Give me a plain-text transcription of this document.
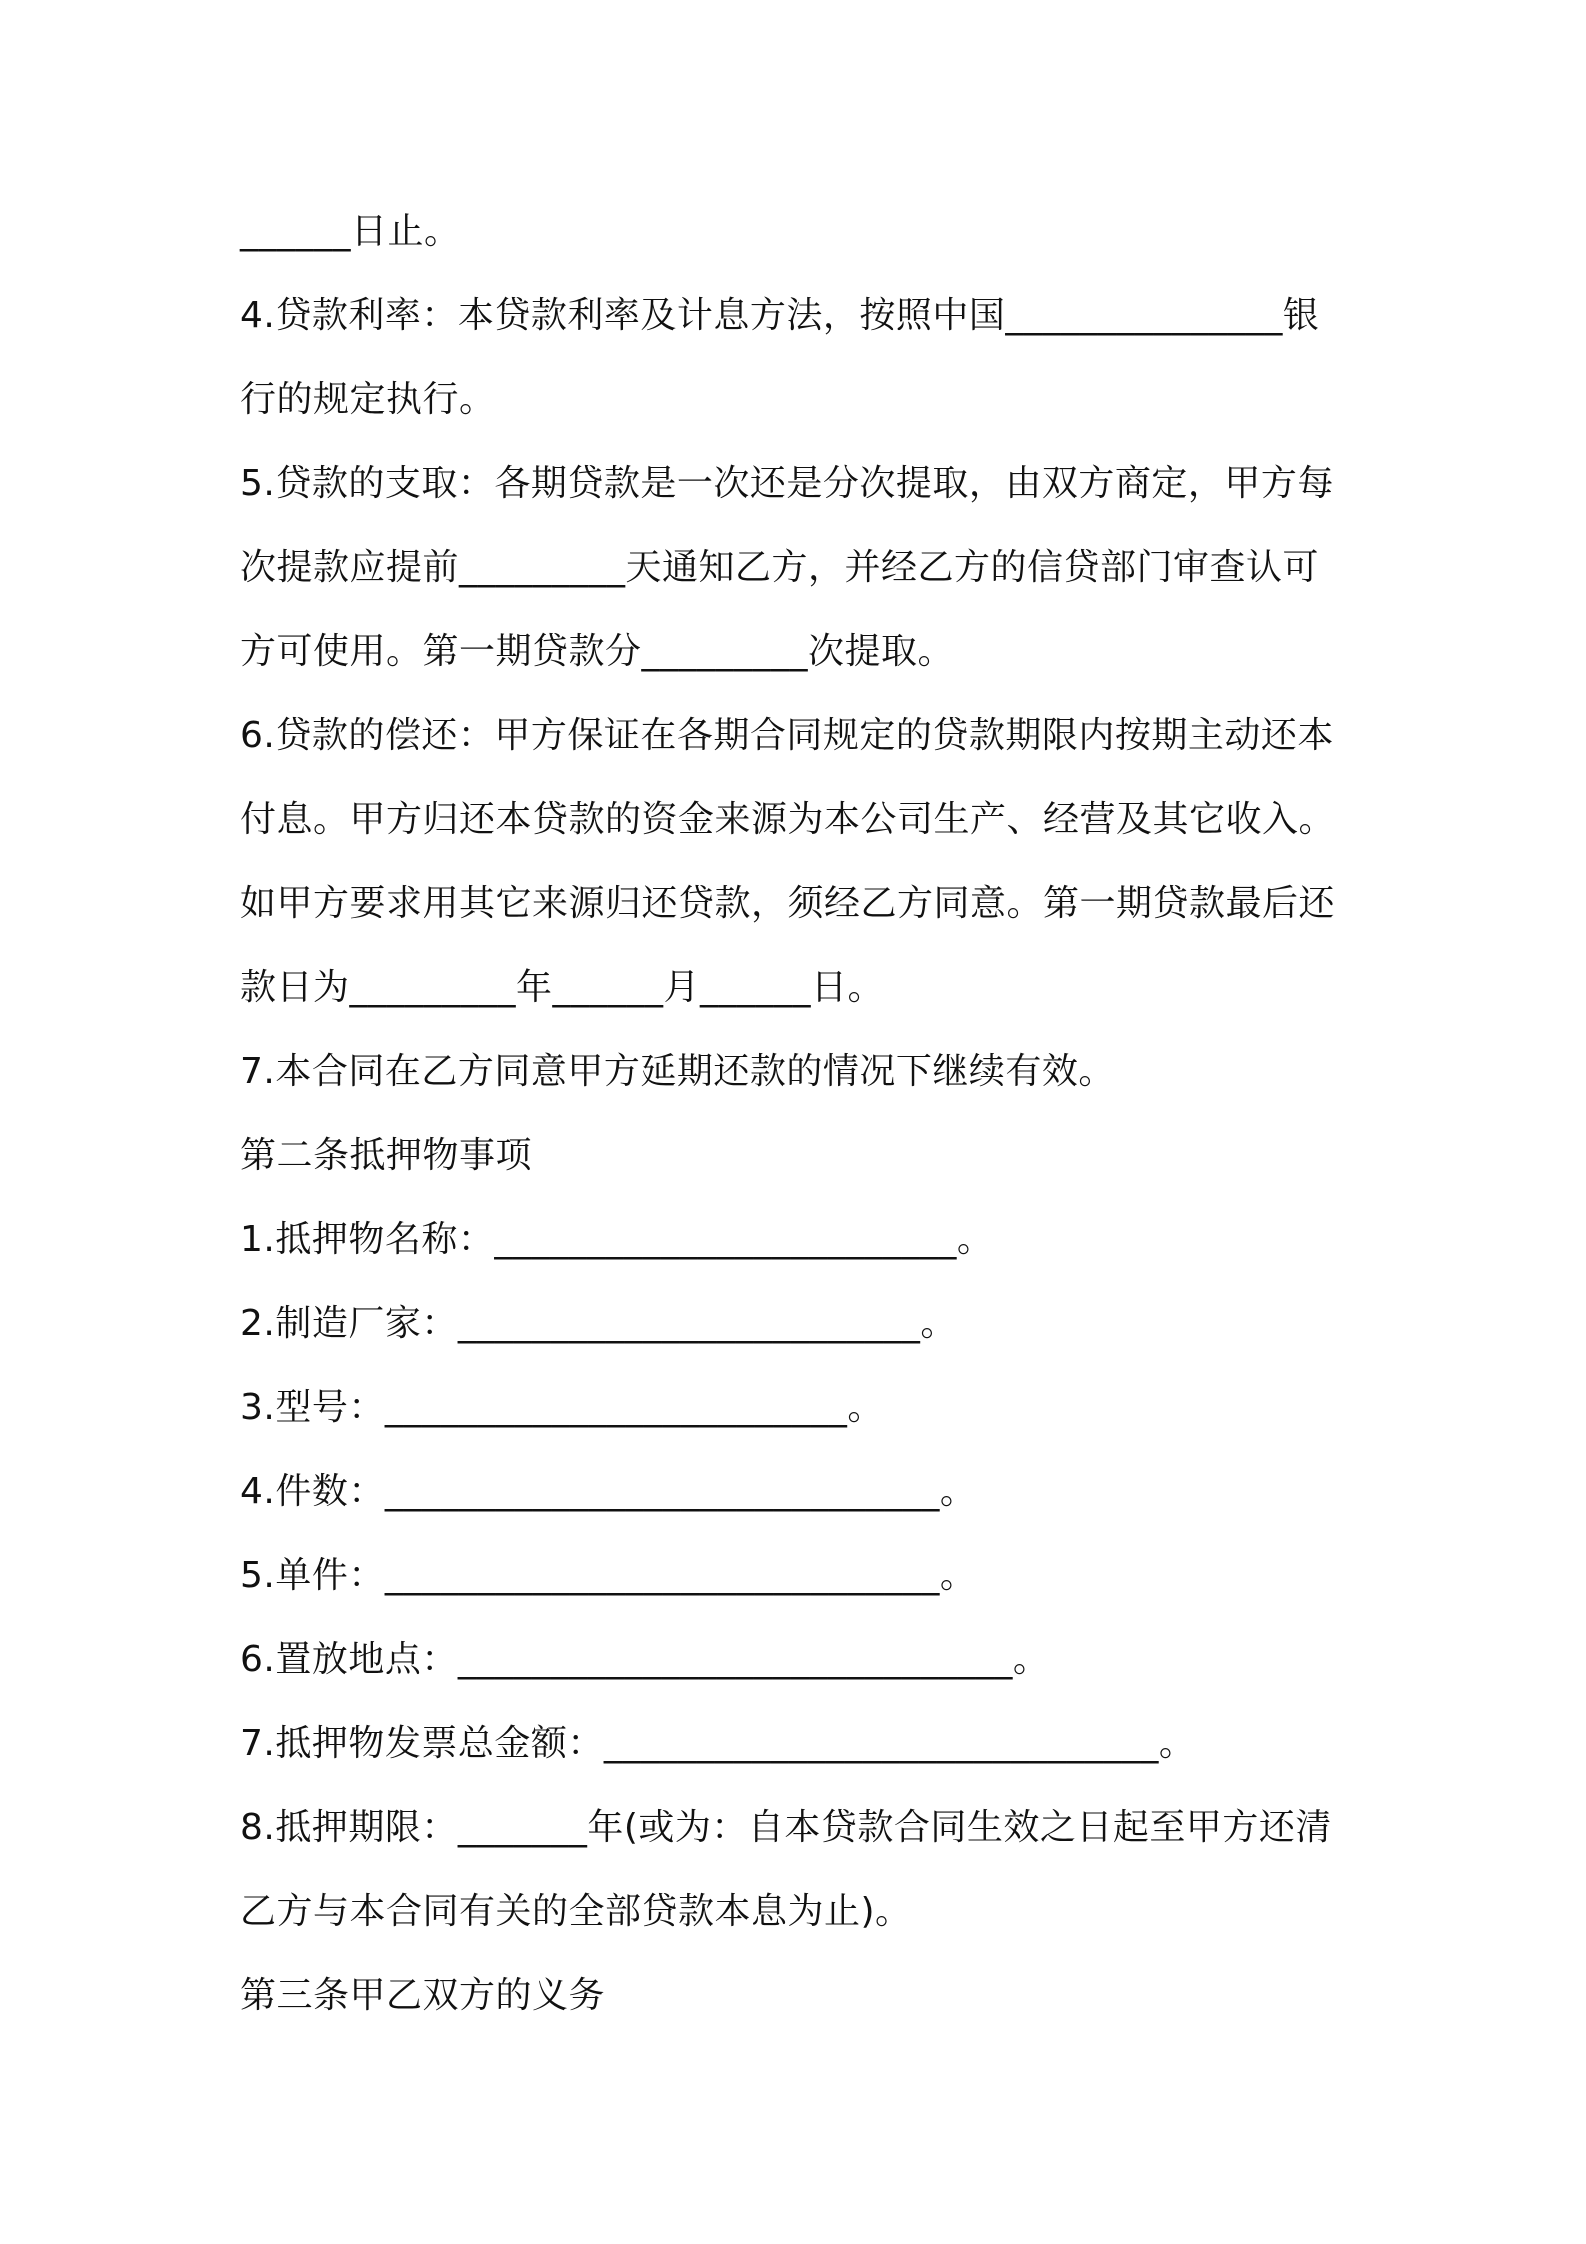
______日止。
4.贷款利率：本贷款利率及计息方法，按照中国_______________银
行的规定执行。
5.贷款的支取：各期贷款是一次还是分次提取，由双方商定，甲方每
次提款应提前_________天通知乙方，并经乙方的信贷部门审查认可
方可使用。第一期贷款分_________次提取。
6.贷款的偿还：甲方保证在各期合同规定的贷款期限内按期主动还本
付息。甲方归还本贷款的资金来源为本公司生产、经营及其它收入。
如甲方要求用其它来源归还贷款，须经乙方同意。第一期贷款最后还
款日为_________年______月______日。
7.本合同在乙方同意甲方延期还款的情况下继续有效。
第二条抵押物事项
1.抵押物名称：_________________________。
2.制造厂家：_________________________。
3.型号：_________________________。
4.件数：______________________________。
5.单件：______________________________。
6.置放地点：______________________________。
7.抵押物发票总金额：______________________________。
8.抵押期限：_______年(或为：自本贷款合同生效之日起至甲方还清
乙方与本合同有关的全部贷款本息为止)。
第三条甲乙双方的义务
